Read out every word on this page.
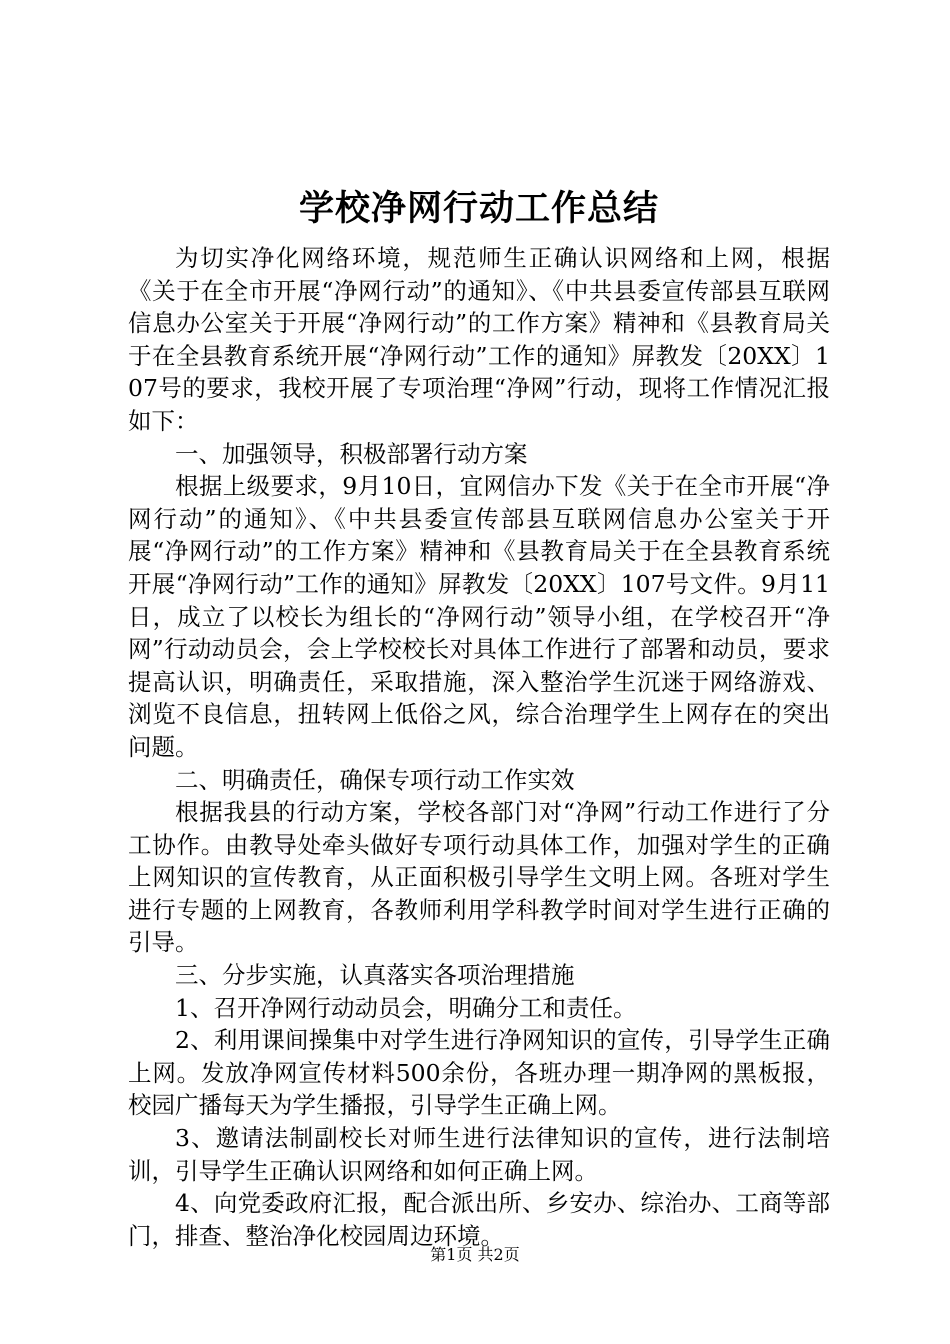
学校净网行动工作总结

为切实净化网络环境，规范师生正确认识网络和上网，根据《关于在全市开展“净网行动”的通知》、《中共县委宣传部县互联网信息办公室关于开展“净网行动”的工作方案》精神和《县教育局关于在全县教育系统开展“净网行动”工作的通知》屏教发〔20XX〕107号的要求，我校开展了专项治理“净网”行动，现将工作情况汇报如下：

一、加强领导，积极部署行动方案

根据上级要求，9月10日，宜网信办下发《关于在全市开展“净网行动”的通知》、《中共县委宣传部县互联网信息办公室关于开展“净网行动”的工作方案》精神和《县教育局关于在全县教育系统开展“净网行动”工作的通知》屏教发〔20XX〕107号文件。9月11日，成立了以校长为组长的“净网行动”领导小组，在学校召开“净网”行动动员会，会上学校校长对具体工作进行了部署和动员，要求提高认识，明确责任，采取措施，深入整治学生沉迷于网络游戏、浏览不良信息，扭转网上低俗之风，综合治理学生上网存在的突出问题。

二、明确责任，确保专项行动工作实效

根据我县的行动方案，学校各部门对“净网”行动工作进行了分工协作。由教导处牵头做好专项行动具体工作，加强对学生的正确上网知识的宣传教育，从正面积极引导学生文明上网。各班对学生进行专题的上网教育，各教师利用学科教学时间对学生进行正确的引导。

三、分步实施，认真落实各项治理措施

1、召开净网行动动员会，明确分工和责任。

2、利用课间操集中对学生进行净网知识的宣传，引导学生正确上网。发放净网宣传材料500余份，各班办理一期净网的黑板报，校园广播每天为学生播报，引导学生正确上网。

3、邀请法制副校长对师生进行法律知识的宣传，进行法制培训，引导学生正确认识网络和如何正确上网。

4、向党委政府汇报，配合派出所、乡安办、综治办、工商等部门，排查、整治净化校园周边环境。

第1页 共2页
